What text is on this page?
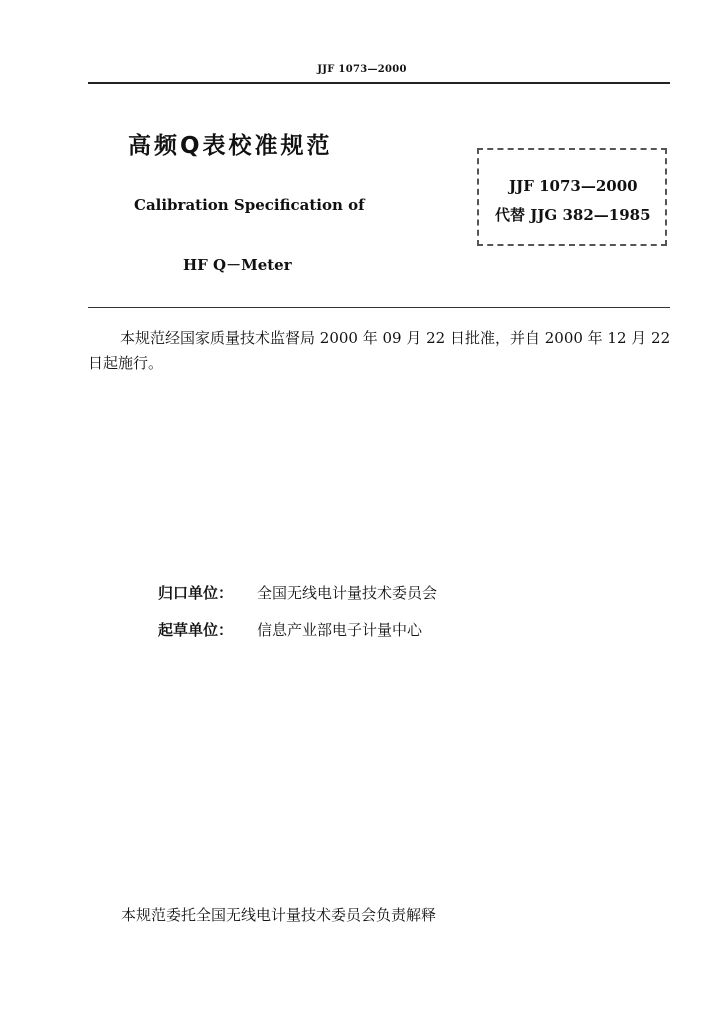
JJF 1073—2000
高频Q表校准规范
Calibration Specification of
HF Q－Meter
JJF 1073—2000
代替 JJG 382—1985
本规范经国家质量技术监督局 2000 年 09 月 22 日批准，并自 2000 年 12 月 22 日起施行。
归口单位： 全国无线电计量技术委员会
起草单位： 信息产业部电子计量中心
本规范委托全国无线电计量技术委员会负责解释
